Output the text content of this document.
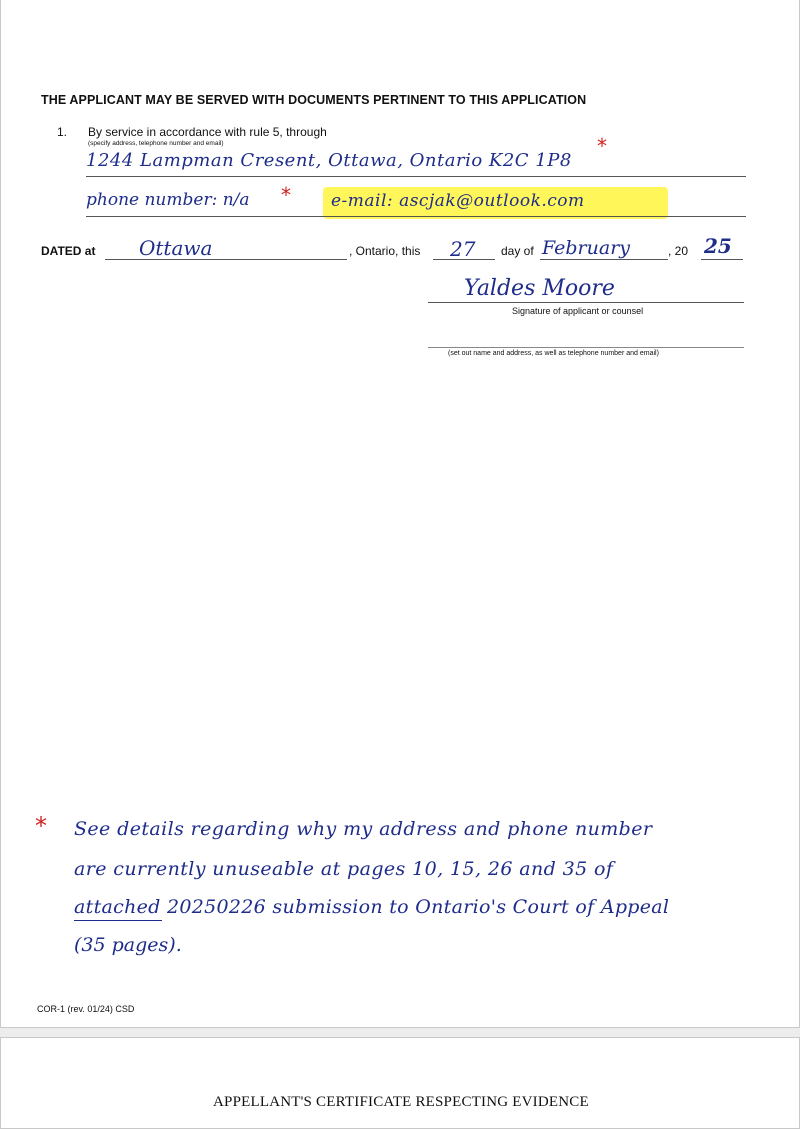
THE APPLICANT MAY BE SERVED WITH DOCUMENTS PERTINENT TO THIS APPLICATION
1. By service in accordance with rule 5, through
(specify address, telephone number and email)
1244 Lampman Cresent, Ottawa, Ontario K2C 1P8
*
phone number: n/a * e-mail: ascjak@outlook.com
DATED at Ottawa	, Ontario, this 27 day of February	, 20 25
Yaldes Moore
Signature of applicant or counsel
(set out name and address, as well as telephone number and email)
* See details regarding why my address and phone number
are currently unuseable at pages 10, 15, 26 and 35 of
attached 20250226 submission to Ontario's Court of Appeal
(35 pages).
COR-1 (rev. 01/24) CSD
APPELLANT'S CERTIFICATE RESPECTING EVIDENCE
